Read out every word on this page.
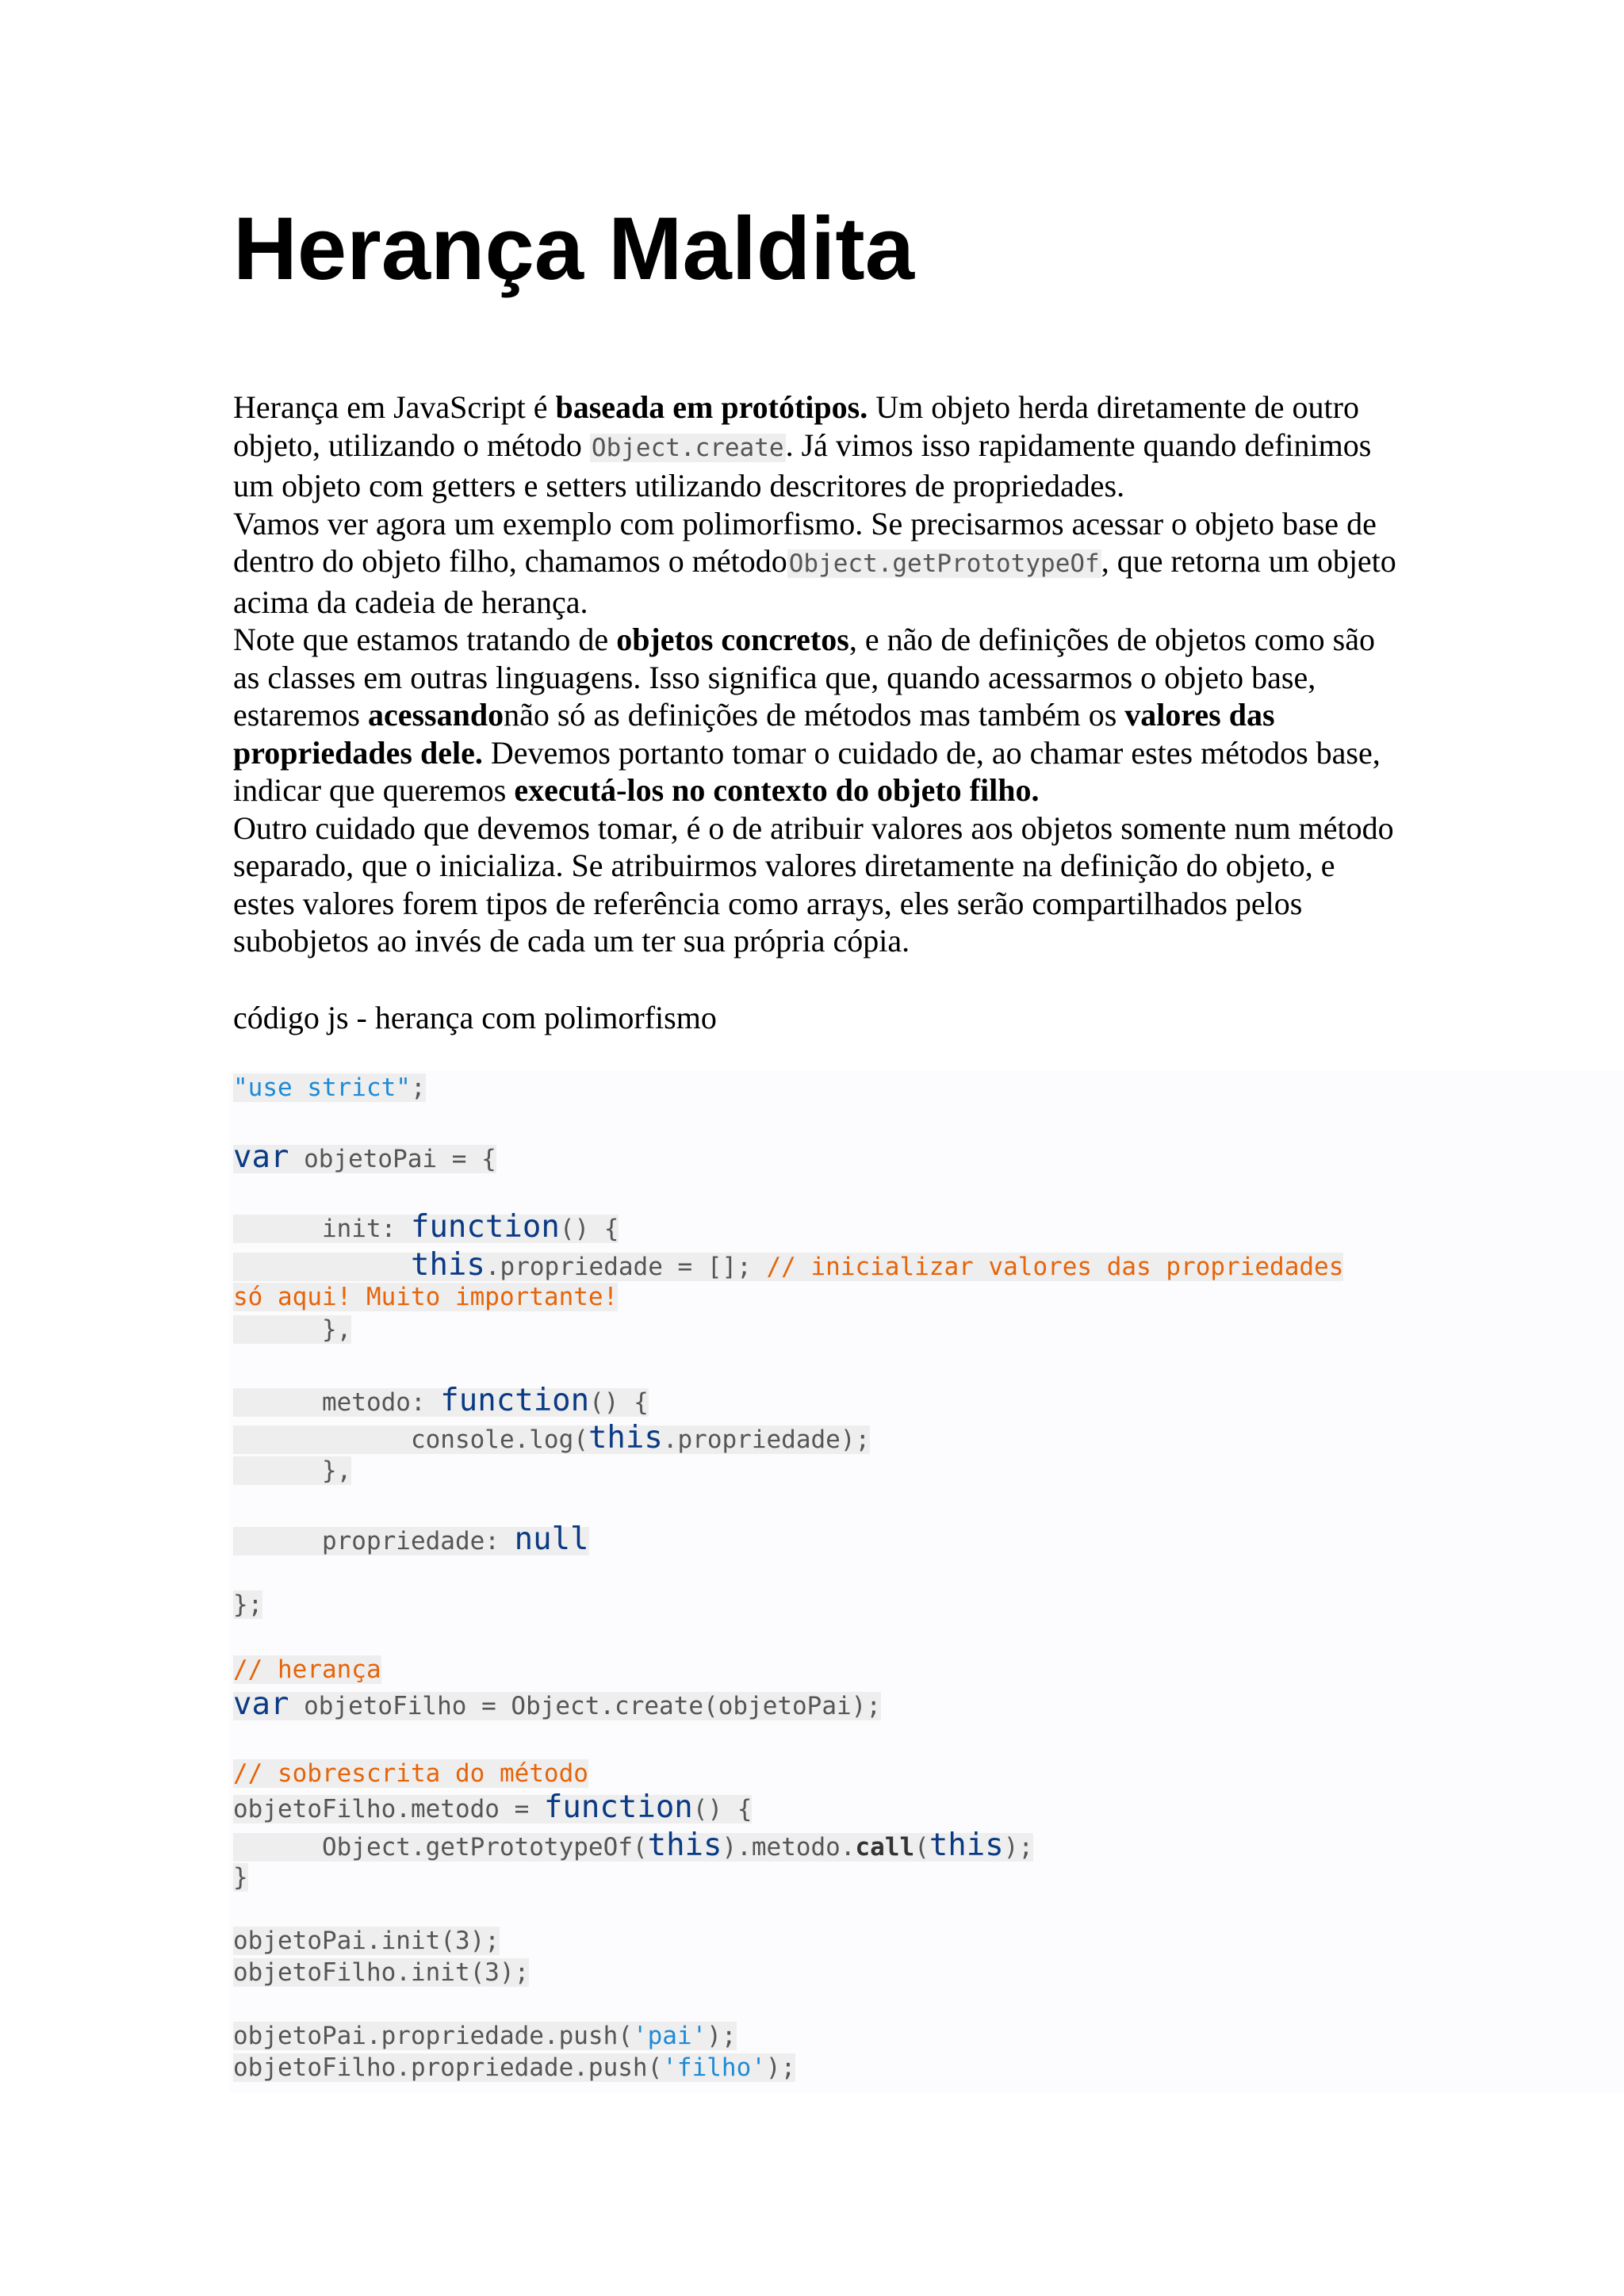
Herança Maldita

Herança em JavaScript é baseada em protótipos. Um objeto herda diretamente de outro objeto, utilizando o método Object.create. Já vimos isso rapidamente quando definimos um objeto com getters e setters utilizando descritores de propriedades.

Vamos ver agora um exemplo com polimorfismo. Se precisarmos acessar o objeto base de dentro do objeto filho, chamamos o métodoObject.getPrototypeOf, que retorna um objeto acima da cadeia de herança.

Note que estamos tratando de objetos concretos, e não de definições de objetos como são as classes em outras linguagens. Isso significa que, quando acessarmos o objeto base, estaremos acessandonão só as definições de métodos mas também os valores das propriedades dele. Devemos portanto tomar o cuidado de, ao chamar estes métodos base, indicar que queremos executá-los no contexto do objeto filho.

Outro cuidado que devemos tomar, é o de atribuir valores aos objetos somente num método separado, que o inicializa. Se atribuirmos valores diretamente na definição do objeto, e estes valores forem tipos de referência como arrays, eles serão compartilhados pelos subobjetos ao invés de cada um ter sua própria cópia.

código js - herança com polimorfismo
"use strict";
var objetoPai = {
init: function() {
this.propriedade = []; // inicializar valores das propriedades
só aqui! Muito importante!
},
metodo: function() {
console.log(this.propriedade);
},
propriedade: null
};
// herança
var objetoFilho = Object.create(objetoPai);
// sobrescrita do método
objetoFilho.metodo = function() {
Object.getPrototypeOf(this).metodo.call(this);
}
objetoPai.init(3);
objetoFilho.init(3);
objetoPai.propriedade.push('pai');
objetoFilho.propriedade.push('filho');
